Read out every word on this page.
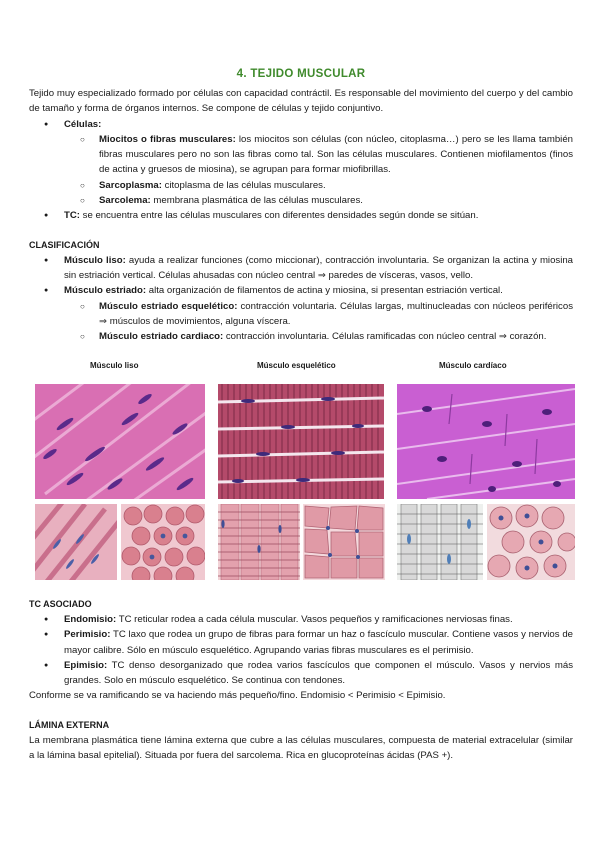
4. TEJIDO MUSCULAR

Tejido muy especializado formado por células con capacidad contráctil. Es responsable del movimiento del cuerpo y del cambio de tamaño y forma de órganos internos. Se compone de células y tejido conjuntivo.

● Células:
○ Miocitos o fibras musculares: los miocitos son células (con núcleo, citoplasma…) pero se les llama también fibras musculares pero no son las fibras como tal. Son las células musculares. Contienen miofilamentos (finos de actina y gruesos de miosina), se agrupan para formar miofibrillas.
○ Sarcoplasma: citoplasma de las células musculares.
○ Sarcolema: membrana plasmática de las células musculares.
● TC: se encuentra entre las células musculares con diferentes densidades según donde se sitúan.
CLASIFICACIÓN
● Músculo liso: ayuda a realizar funciones (como miccionar), contracción involuntaria. Se organizan la actina y miosina sin estriación vertical. Células ahusadas con núcleo central ⇒ paredes de vísceras, vasos, vello.
● Músculo estriado: alta organización de filamentos de actina y miosina, si presentan estriación vertical.
○ Músculo estriado esquelético: contracción voluntaria. Células largas, multinucleadas con núcleos periféricos ⇒ músculos de movimientos, alguna víscera.
○ Músculo estriado cardiaco: contracción involuntaria. Células ramificadas con núcleo central ⇒ corazón.
Músculo liso	Músculo esquelético	Músculo cardíaco
TC ASOCIADO
● Endomisio: TC reticular rodea a cada célula muscular. Vasos pequeños y ramificaciones nerviosas finas.
● Perimisio: TC laxo que rodea un grupo de fibras para formar un haz o fascículo muscular. Contiene vasos y nervios de mayor calibre. Sólo en músculo esquelético. Agrupando varias fibras musculares es el perimisio.
● Epimisio: TC denso desorganizado que rodea varios fascículos que componen el músculo. Vasos y nervios más grandes. Solo en músculo esquelético. Se continua con tendones.

Conforme se va ramificando se va haciendo más pequeño/fino. Endomisio < Perimisio < Epimisio.

LÁMINA EXTERNA

La membrana plasmática tiene lámina externa que cubre a las células musculares, compuesta de material extracelular (similar a la lámina basal epitelial). Situada por fuera del sarcolema. Rica en glucoproteínas ácidas (PAS +).
